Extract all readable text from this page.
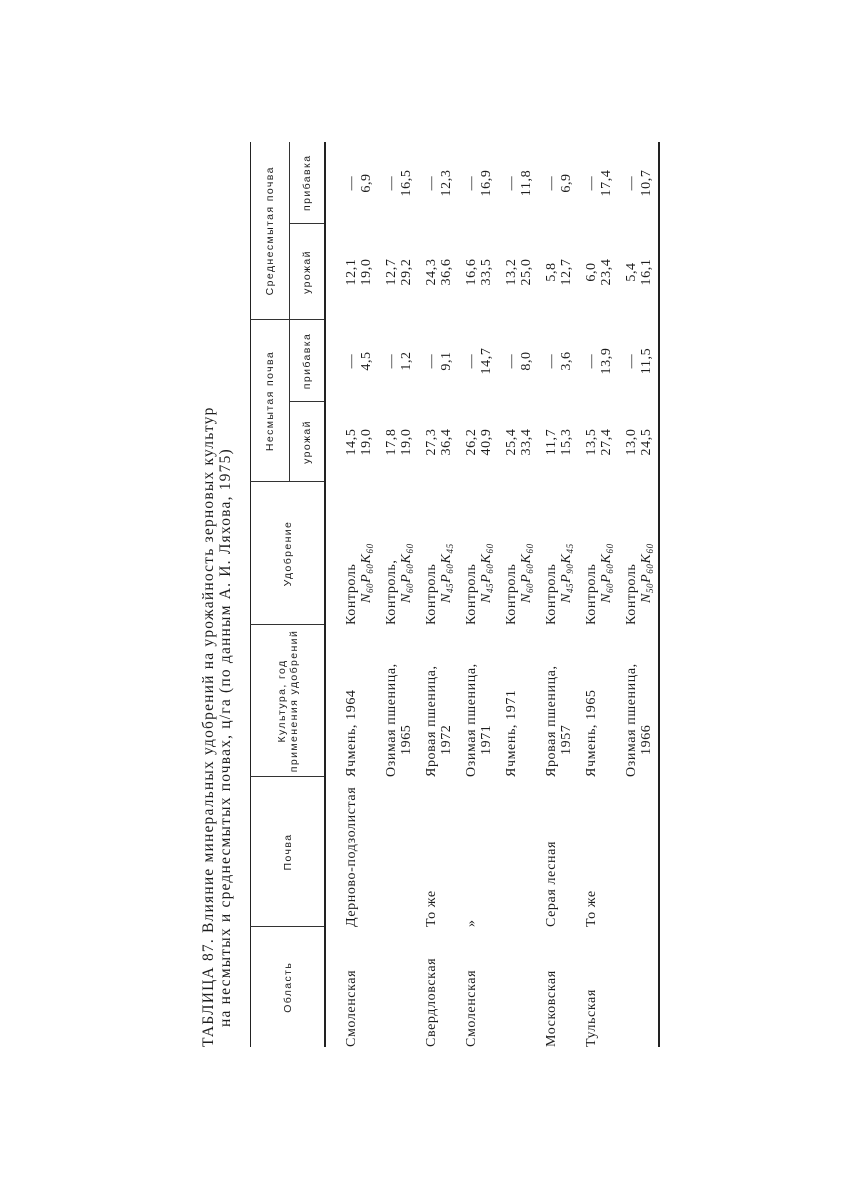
ТАБЛИЦА 87. Влияние минеральных удобрений на урожайность зерновых культур на несмытых и среднесмытых почвах, ц/га (по данным А. И. Ляхова, 1975)	Область	Почва	Культура, год применения удобрений	Удобрение	Несмытая почва		Среднесмытая почва	
				урожай	прибавка	урожай	прибавка
Смоленская	Дерново-подзолистая	Ячмень, 1964	Контроль $N_{60}P_{60}K_{60}$	14,5 19,0	— 4,5	12,1 19,0	— 6,9

		Озимая пшеница, 1965	Контроль, $N_{60}P_{60}K_{60}$	17,8 19,0	— 1,2	12,7 29,2	— 16,5

Свердловская	То же	Яровая пшеница, 1972	Контроль $N_{45}P_{60}K_{45}$	27,3 36,4	— 9,1	24,3 36,6	— 12,3

Смоленская	»	Озимая пшеница, 1971	Контроль $N_{45}P_{60}K_{60}$	26,2 40,9	— 14,7	16,6 33,5	— 16,9

		Ячмень, 1971	Контроль $N_{60}P_{60}K_{60}$	25,4 33,4	— 8,0	13,2 25,0	— 11,8

Московская	Серая лесная	Яровая пшеница, 1957	Контроль $N_{45}P_{90}K_{45}$	11,7 15,3	— 3,6	5,8 12,7	— 6,9

Тульская	То же	Ячмень, 1965	Контроль $N_{60}P_{60}K_{60}$	13,5 27,4	— 13,9	6,0 23,4	— 17,4

		Озимая пшеница, 1966	Контроль $N_{50}P_{60}K_{60}$	13,0 24,5	— 11,5	5,4 16,1	— 10,7
